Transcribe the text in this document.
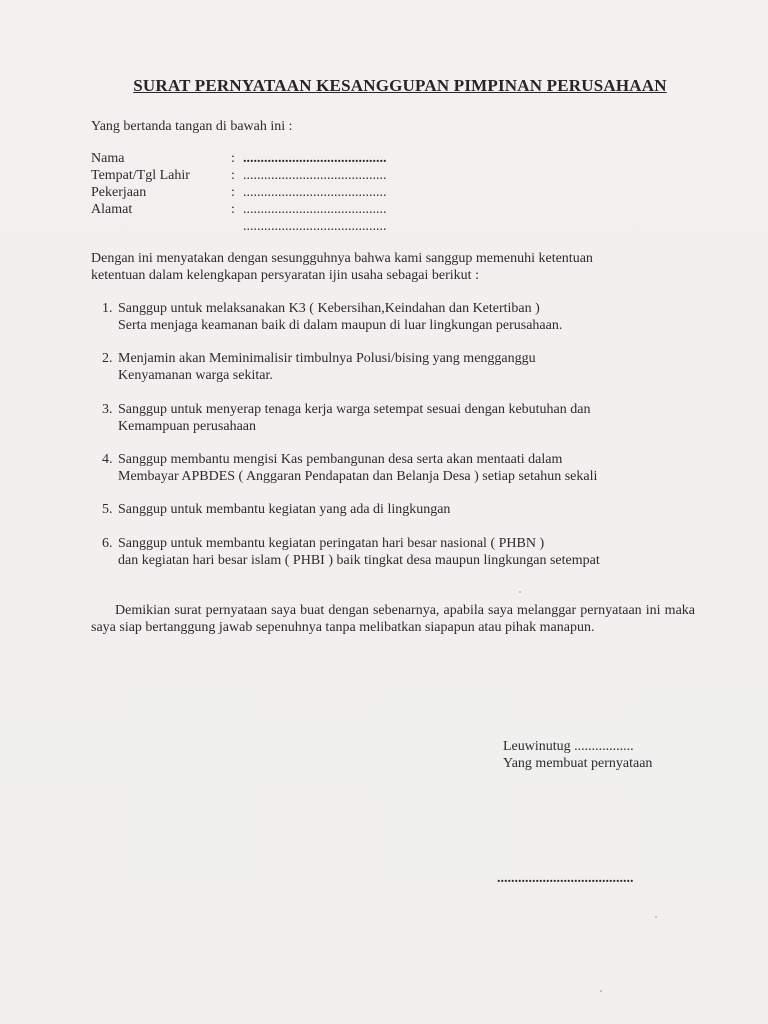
SURAT PERNYATAAN KESANGGUPAN PIMPINAN PERUSAHAAN
Yang bertanda tangan di bawah ini :
Nama	: .........................................
Tempat/Tgl Lahir	: .........................................
Pekerjaan	: .........................................
Alamat	: .........................................
.........................................
Dengan ini menyatakan dengan sesungguhnya bahwa kami sanggup memenuhi ketentuan
ketentuan dalam kelengkapan persyaratan ijin usaha sebagai berikut :
1. Sanggup untuk melaksanakan K3 ( Kebersihan,Keindahan dan Ketertiban )
Serta menjaga keamanan baik di dalam maupun di luar lingkungan perusahaan.
2. Menjamin akan Meminimalisir timbulnya Polusi/bising yang mengganggu
Kenyamanan warga sekitar.
3. Sanggup untuk menyerap tenaga kerja warga setempat sesuai dengan kebutuhan dan
Kemampuan perusahaan
4. Sanggup membantu mengisi Kas pembangunan desa serta akan mentaati dalam
Membayar APBDES ( Anggaran Pendapatan dan Belanja Desa ) setiap setahun sekali
5. Sanggup untuk membantu kegiatan yang ada di lingkungan
6. Sanggup untuk membantu kegiatan peringatan hari besar nasional ( PHBN )
dan kegiatan hari besar islam ( PHBI ) baik tingkat desa maupun lingkungan setempat
Demikian surat pernyataan saya buat dengan sebenarnya, apabila saya melanggar pernyataan ini maka saya siap bertanggung jawab sepenuhnya tanpa melibatkan siapapun atau pihak manapun.
Leuwinutug .................
Yang membuat pernyataan
.......................................
